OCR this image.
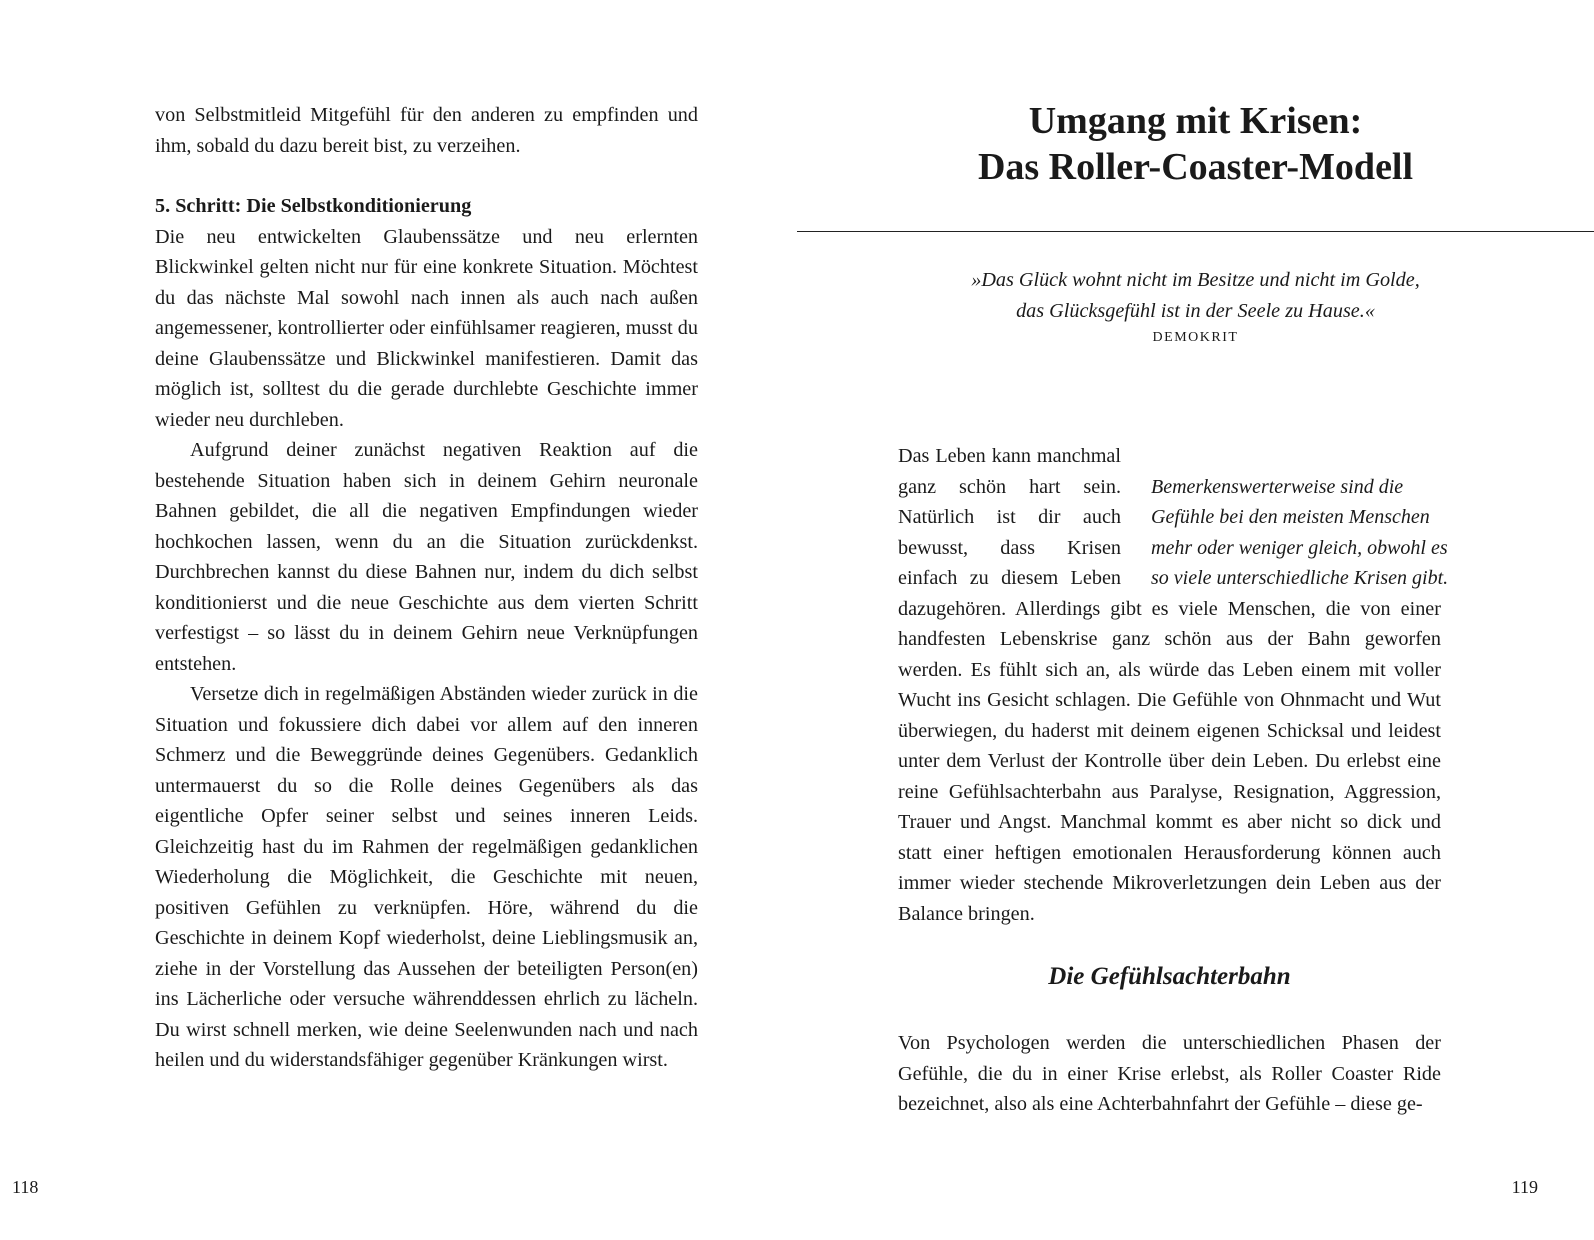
von Selbstmitleid Mitgefühl für den anderen zu empfinden und ihm, sobald du dazu bereit bist, zu verzeihen.

5. Schritt: Die Selbstkonditionierung

Die neu entwickelten Glaubenssätze und neu erlernten Blickwinkel gelten nicht nur für eine konkrete Situation. Möchtest du das nächste Mal sowohl nach innen als auch nach außen angemessener, kontrollierter oder einfühlsamer reagieren, musst du deine Glaubenssätze und Blickwinkel manifestieren. Damit das möglich ist, solltest du die gerade durchlebte Geschichte immer wieder neu durchleben.

Aufgrund deiner zunächst negativen Reaktion auf die bestehende Situation haben sich in deinem Gehirn neuronale Bahnen gebildet, die all die negativen Empfindungen wieder hochkochen lassen, wenn du an die Situation zurückdenkst. Durchbrechen kannst du diese Bahnen nur, indem du dich selbst konditionierst und die neue Geschichte aus dem vierten Schritt verfestigst – so lässt du in deinem Gehirn neue Verknüpfungen entstehen.

Versetze dich in regelmäßigen Abständen wieder zurück in die Situation und fokussiere dich dabei vor allem auf den inneren Schmerz und die Beweggründe deines Gegenübers. Gedanklich untermauerst du so die Rolle deines Gegenübers als das eigentliche Opfer seiner selbst und seines inneren Leids. Gleichzeitig hast du im Rahmen der regelmäßigen gedanklichen Wiederholung die Möglichkeit, die Geschichte mit neuen, positiven Gefühlen zu verknüpfen. Höre, während du die Geschichte in deinem Kopf wiederholst, deine Lieblingsmusik an, ziehe in der Vorstellung das Aussehen der beteiligten Person(en) ins Lächerliche oder versuche währenddessen ehrlich zu lächeln. Du wirst schnell merken, wie deine Seelenwunden nach und nach heilen und du widerstandsfähiger gegenüber Kränkungen wirst.

118
Umgang mit Krisen:
Das Roller-Coaster-Modell
»Das Glück wohnt nicht im Besitze und nicht im Golde,
das Glücksgefühl ist in der Seele zu Hause.«
DEMOKRIT

Bemerkenswerterweise sind die
Gefühle bei den meisten Menschen
mehr oder weniger gleich, obwohl es
so viele unterschiedliche Krisen gibt.
Das Leben kann manchmal ganz schön hart sein. Natürlich ist dir auch bewusst, dass Krisen einfach zu diesem Leben dazugehören. Allerdings gibt es viele Menschen, die von einer handfesten Lebenskrise ganz schön aus der Bahn geworfen werden. Es fühlt sich an, als würde das Leben einem mit voller Wucht ins Gesicht schlagen. Die Gefühle von Ohnmacht und Wut überwiegen, du haderst mit deinem eigenen Schicksal und leidest unter dem Verlust der Kontrolle über dein Leben. Du erlebst eine reine Gefühlsachterbahn aus Paralyse, Resignation, Aggression, Trauer und Angst. Manchmal kommt es aber nicht so dick und statt einer heftigen emotionalen Herausforderung können auch immer wieder stechende Mikroverletzungen dein Leben aus der Balance bringen.

Die Gefühlsachterbahn

Von Psychologen werden die unterschiedlichen Phasen der Gefühle, die du in einer Krise erlebst, als Roller Coaster Ride bezeichnet, also als eine Achterbahnfahrt der Gefühle – diese ge-

119
